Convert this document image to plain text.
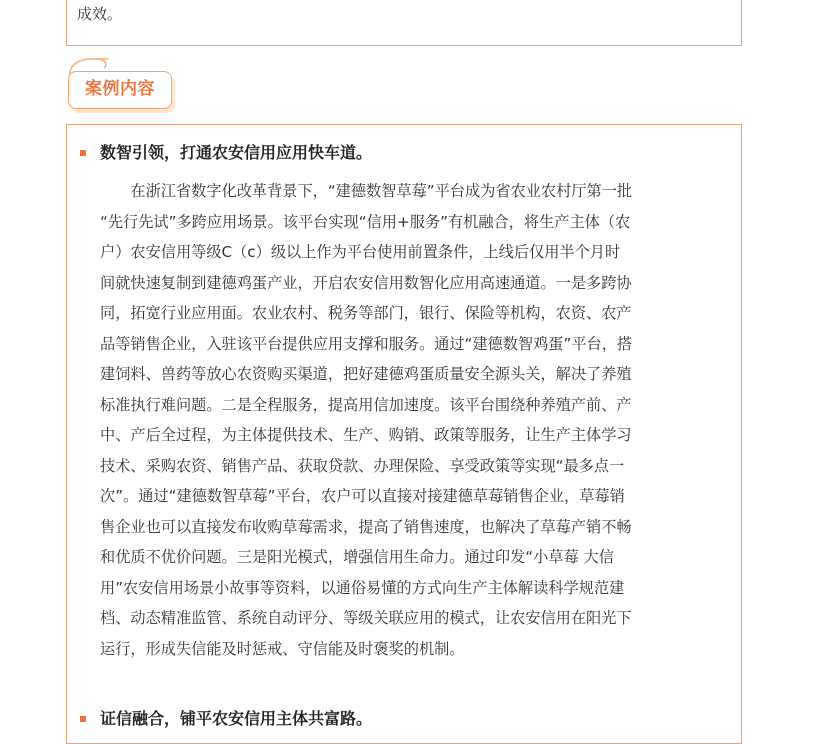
成效。
案例内容
数智引领，打通农安信用应用快车道。
　　在浙江省数字化改革背景下，“建德数智草莓”平台成为省农业农村厅第一批
“先行先试”多跨应用场景。该平台实现“信用+服务”有机融合，将生产主体（农
户）农安信用等级C（c）级以上作为平台使用前置条件，上线后仅用半个月时
间就快速复制到建德鸡蛋产业，开启农安信用数智化应用高速通道。一是多跨协
同，拓宽行业应用面。农业农村、税务等部门，银行、保险等机构，农资、农产
品等销售企业，入驻该平台提供应用支撑和服务。通过“建德数智鸡蛋”平台，搭
建饲料、兽药等放心农资购买渠道，把好建德鸡蛋质量安全源头关，解决了养殖
标准执行难问题。二是全程服务，提高用信加速度。该平台围绕种养殖产前、产
中、产后全过程，为主体提供技术、生产、购销、政策等服务，让生产主体学习
技术、采购农资、销售产品、获取贷款、办理保险、享受政策等实现“最多点一
次”。通过“建德数智草莓”平台，农户可以直接对接建德草莓销售企业，草莓销
售企业也可以直接发布收购草莓需求，提高了销售速度，也解决了草莓产销不畅
和优质不优价问题。三是阳光模式，增强信用生命力。通过印发“小草莓 大信
用”农安信用场景小故事等资料，以通俗易懂的方式向生产主体解读科学规范建
档、动态精准监管、系统自动评分、等级关联应用的模式，让农安信用在阳光下
运行，形成失信能及时惩戒、守信能及时褒奖的机制。
证信融合，铺平农安信用主体共富路。
